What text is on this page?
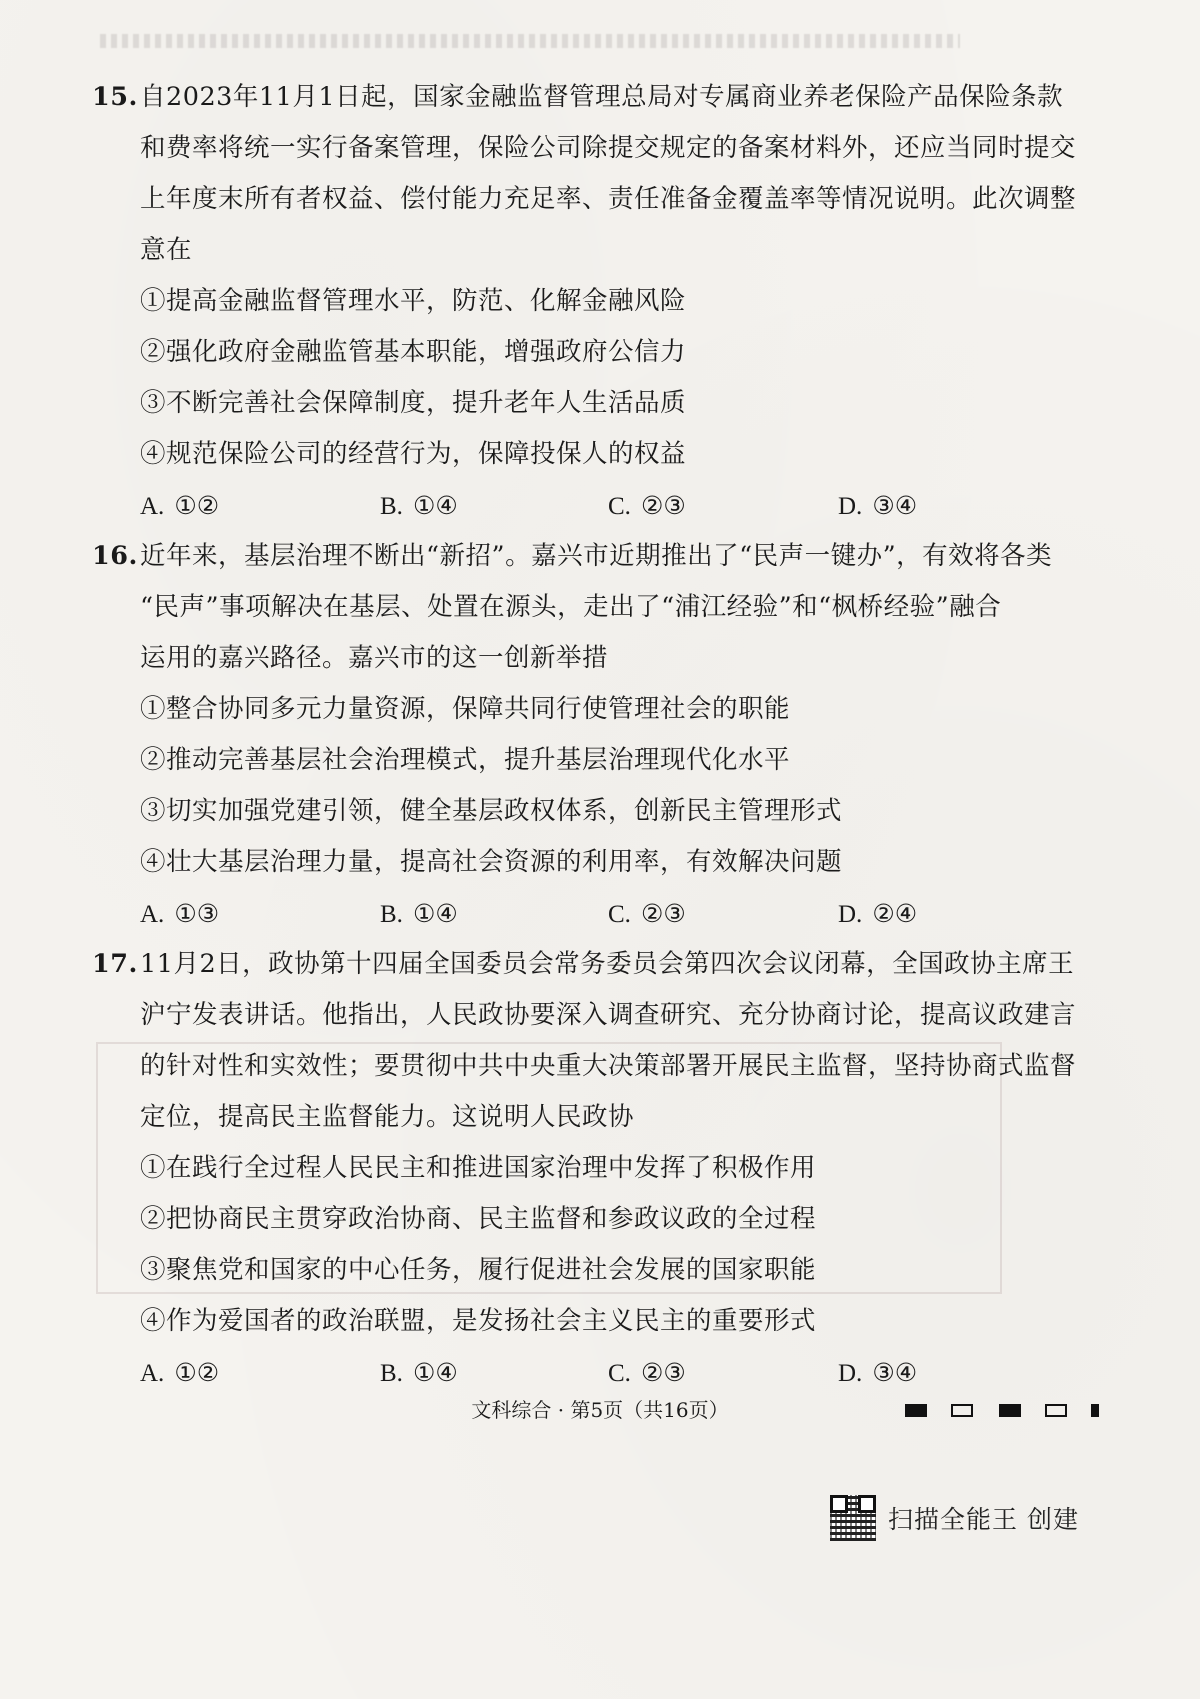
15. 自2023年11月1日起，国家金融监督管理总局对专属商业养老保险产品保险条款
和费率将统一实行备案管理，保险公司除提交规定的备案材料外，还应当同时提交
上年度末所有者权益、偿付能力充足率、责任准备金覆盖率等情况说明。此次调整
意在
①提高金融监督管理水平，防范、化解金融风险
②强化政府金融监管基本职能，增强政府公信力
③不断完善社会保障制度，提升老年人生活品质
④规范保险公司的经营行为，保障投保人的权益
A. ①②	B. ①④	C. ②③	D. ③④
16. 近年来，基层治理不断出“新招”。嘉兴市近期推出了“民声一键办”，有效将各类
“民声”事项解决在基层、处置在源头，走出了“浦江经验”和“枫桥经验”融合
运用的嘉兴路径。嘉兴市的这一创新举措
①整合协同多元力量资源，保障共同行使管理社会的职能
②推动完善基层社会治理模式，提升基层治理现代化水平
③切实加强党建引领，健全基层政权体系，创新民主管理形式
④壮大基层治理力量，提高社会资源的利用率，有效解决问题
A. ①③	B. ①④	C. ②③	D. ②④
17. 11月2日，政协第十四届全国委员会常务委员会第四次会议闭幕，全国政协主席王
沪宁发表讲话。他指出，人民政协要深入调查研究、充分协商讨论，提高议政建言
的针对性和实效性；要贯彻中共中央重大决策部署开展民主监督，坚持协商式监督
定位，提高民主监督能力。这说明人民政协
①在践行全过程人民民主和推进国家治理中发挥了积极作用
②把协商民主贯穿政治协商、民主监督和参政议政的全过程
③聚焦党和国家的中心任务，履行促进社会发展的国家职能
④作为爱国者的政治联盟，是发扬社会主义民主的重要形式
A. ①②	B. ①④	C. ②③	D. ③④
文科综合 · 第5页（共16页）
扫描全能王 创建
